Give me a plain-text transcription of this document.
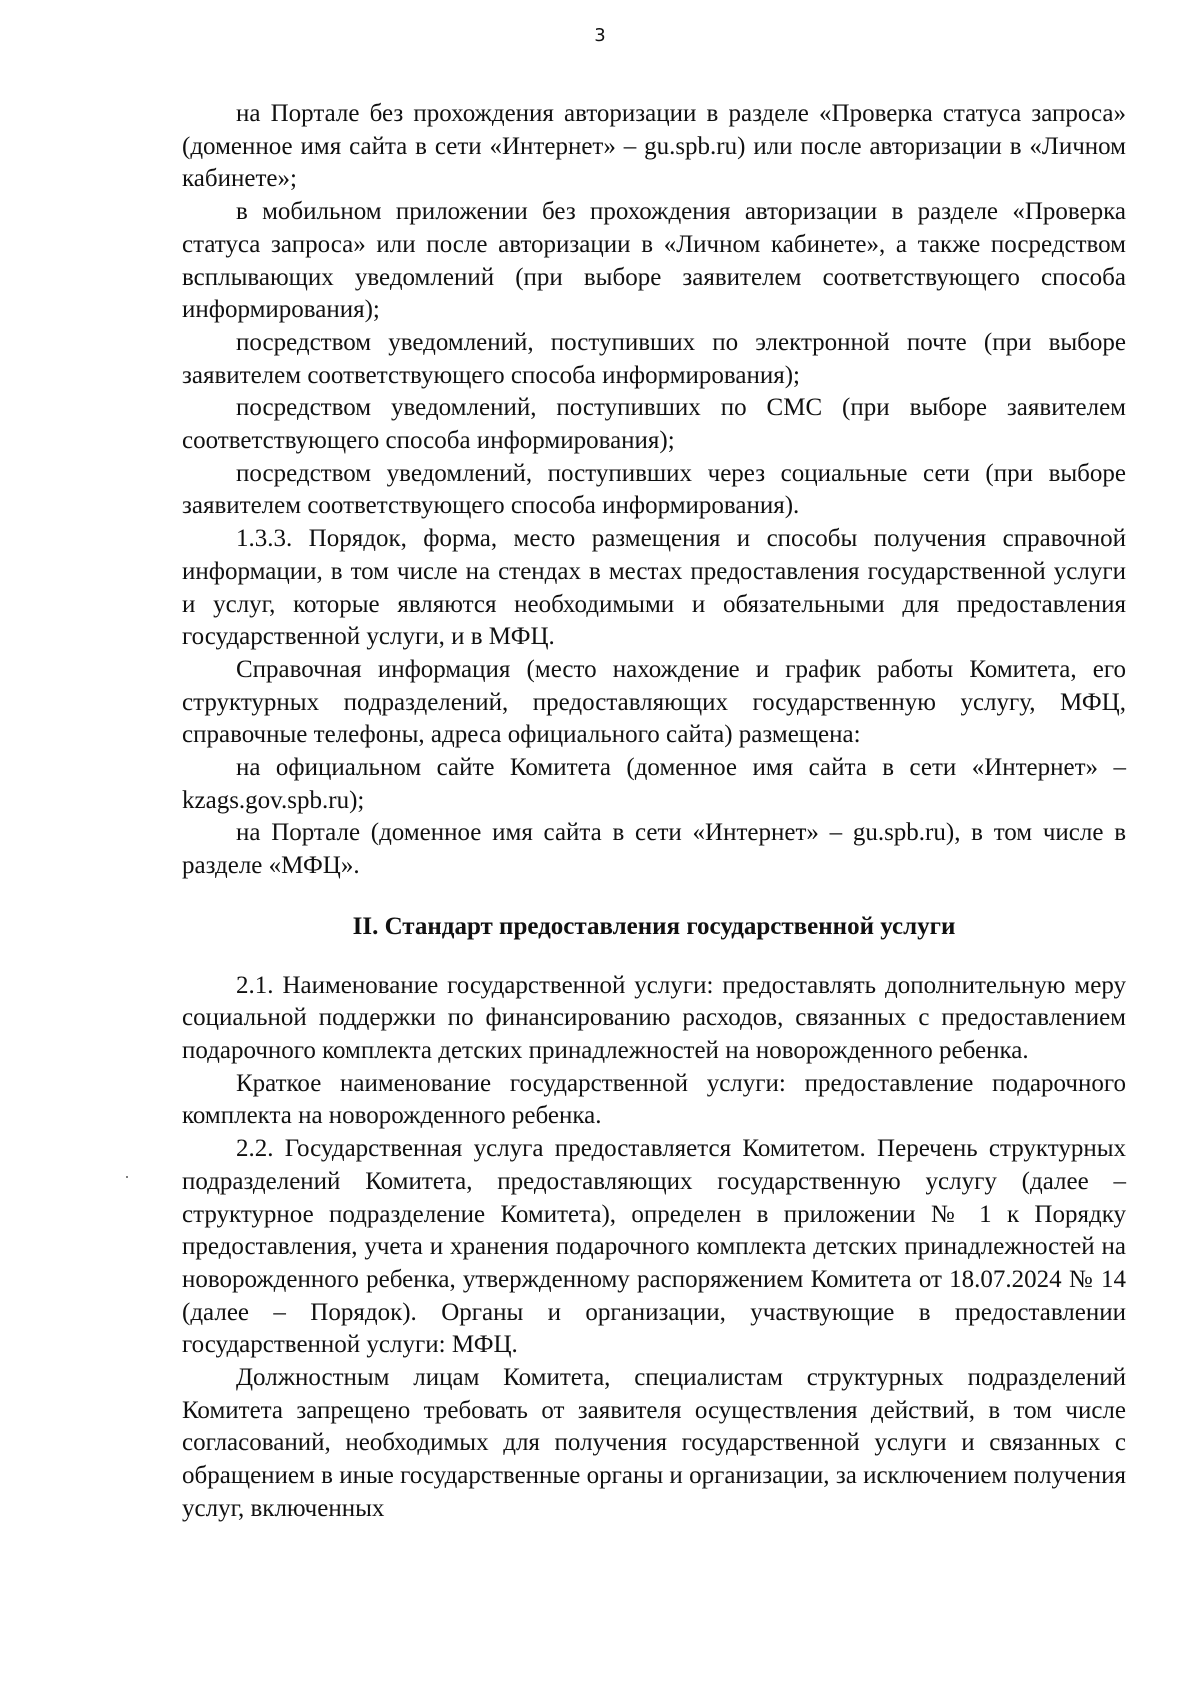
3

на Портале без прохождения авторизации в разделе «Проверка статуса запроса» (доменное имя сайта в сети «Интернет» – gu.spb.ru) или после авторизации в «Личном кабинете»;

в мобильном приложении без прохождения авторизации в разделе «Проверка статуса запроса» или после авторизации в «Личном кабинете», а также посредством всплывающих уведомлений (при выборе заявителем соответствующего способа информирования);

посредством уведомлений, поступивших по электронной почте (при выборе заявителем соответствующего способа информирования);

посредством уведомлений, поступивших по СМС (при выборе заявителем соответствующего способа информирования);

посредством уведомлений, поступивших через социальные сети (при выборе заявителем соответствующего способа информирования).

1.3.3. Порядок, форма, место размещения и способы получения справочной информации, в том числе на стендах в местах предоставления государственной услуги и услуг, которые являются необходимыми и обязательными для предоставления государственной услуги, и в МФЦ.

Справочная информация (место нахождение и график работы Комитета, его структурных подразделений, предоставляющих государственную услугу, МФЦ, справочные телефоны, адреса официального сайта) размещена:

на официальном сайте Комитета (доменное имя сайта в сети «Интернет» – kzags.gov.spb.ru);

на Портале (доменное имя сайта в сети «Интернет» – gu.spb.ru), в том числе в разделе «МФЦ».

II. Стандарт предоставления государственной услуги

2.1. Наименование государственной услуги: предоставлять дополнительную меру социальной поддержки по финансированию расходов, связанных с предоставлением подарочного комплекта детских принадлежностей на новорожденного ребенка.

Краткое наименование государственной услуги: предоставление подарочного комплекта на новорожденного ребенка.

2.2. Государственная услуга предоставляется Комитетом. Перечень структурных подразделений Комитета, предоставляющих государственную услугу (далее – структурное подразделение Комитета), определен в приложении № 1 к Порядку предоставления, учета и хранения подарочного комплекта детских принадлежностей на новорожденного ребенка, утвержденному распоряжением Комитета от 18.07.2024 № 14 (далее – Порядок). Органы и организации, участвующие в предоставлении государственной услуги: МФЦ.

Должностным лицам Комитета, специалистам структурных подразделений Комитета запрещено требовать от заявителя осуществления действий, в том числе согласований, необходимых для получения государственной услуги и связанных с обращением в иные государственные органы и организации, за исключением получения услуг, включенных
